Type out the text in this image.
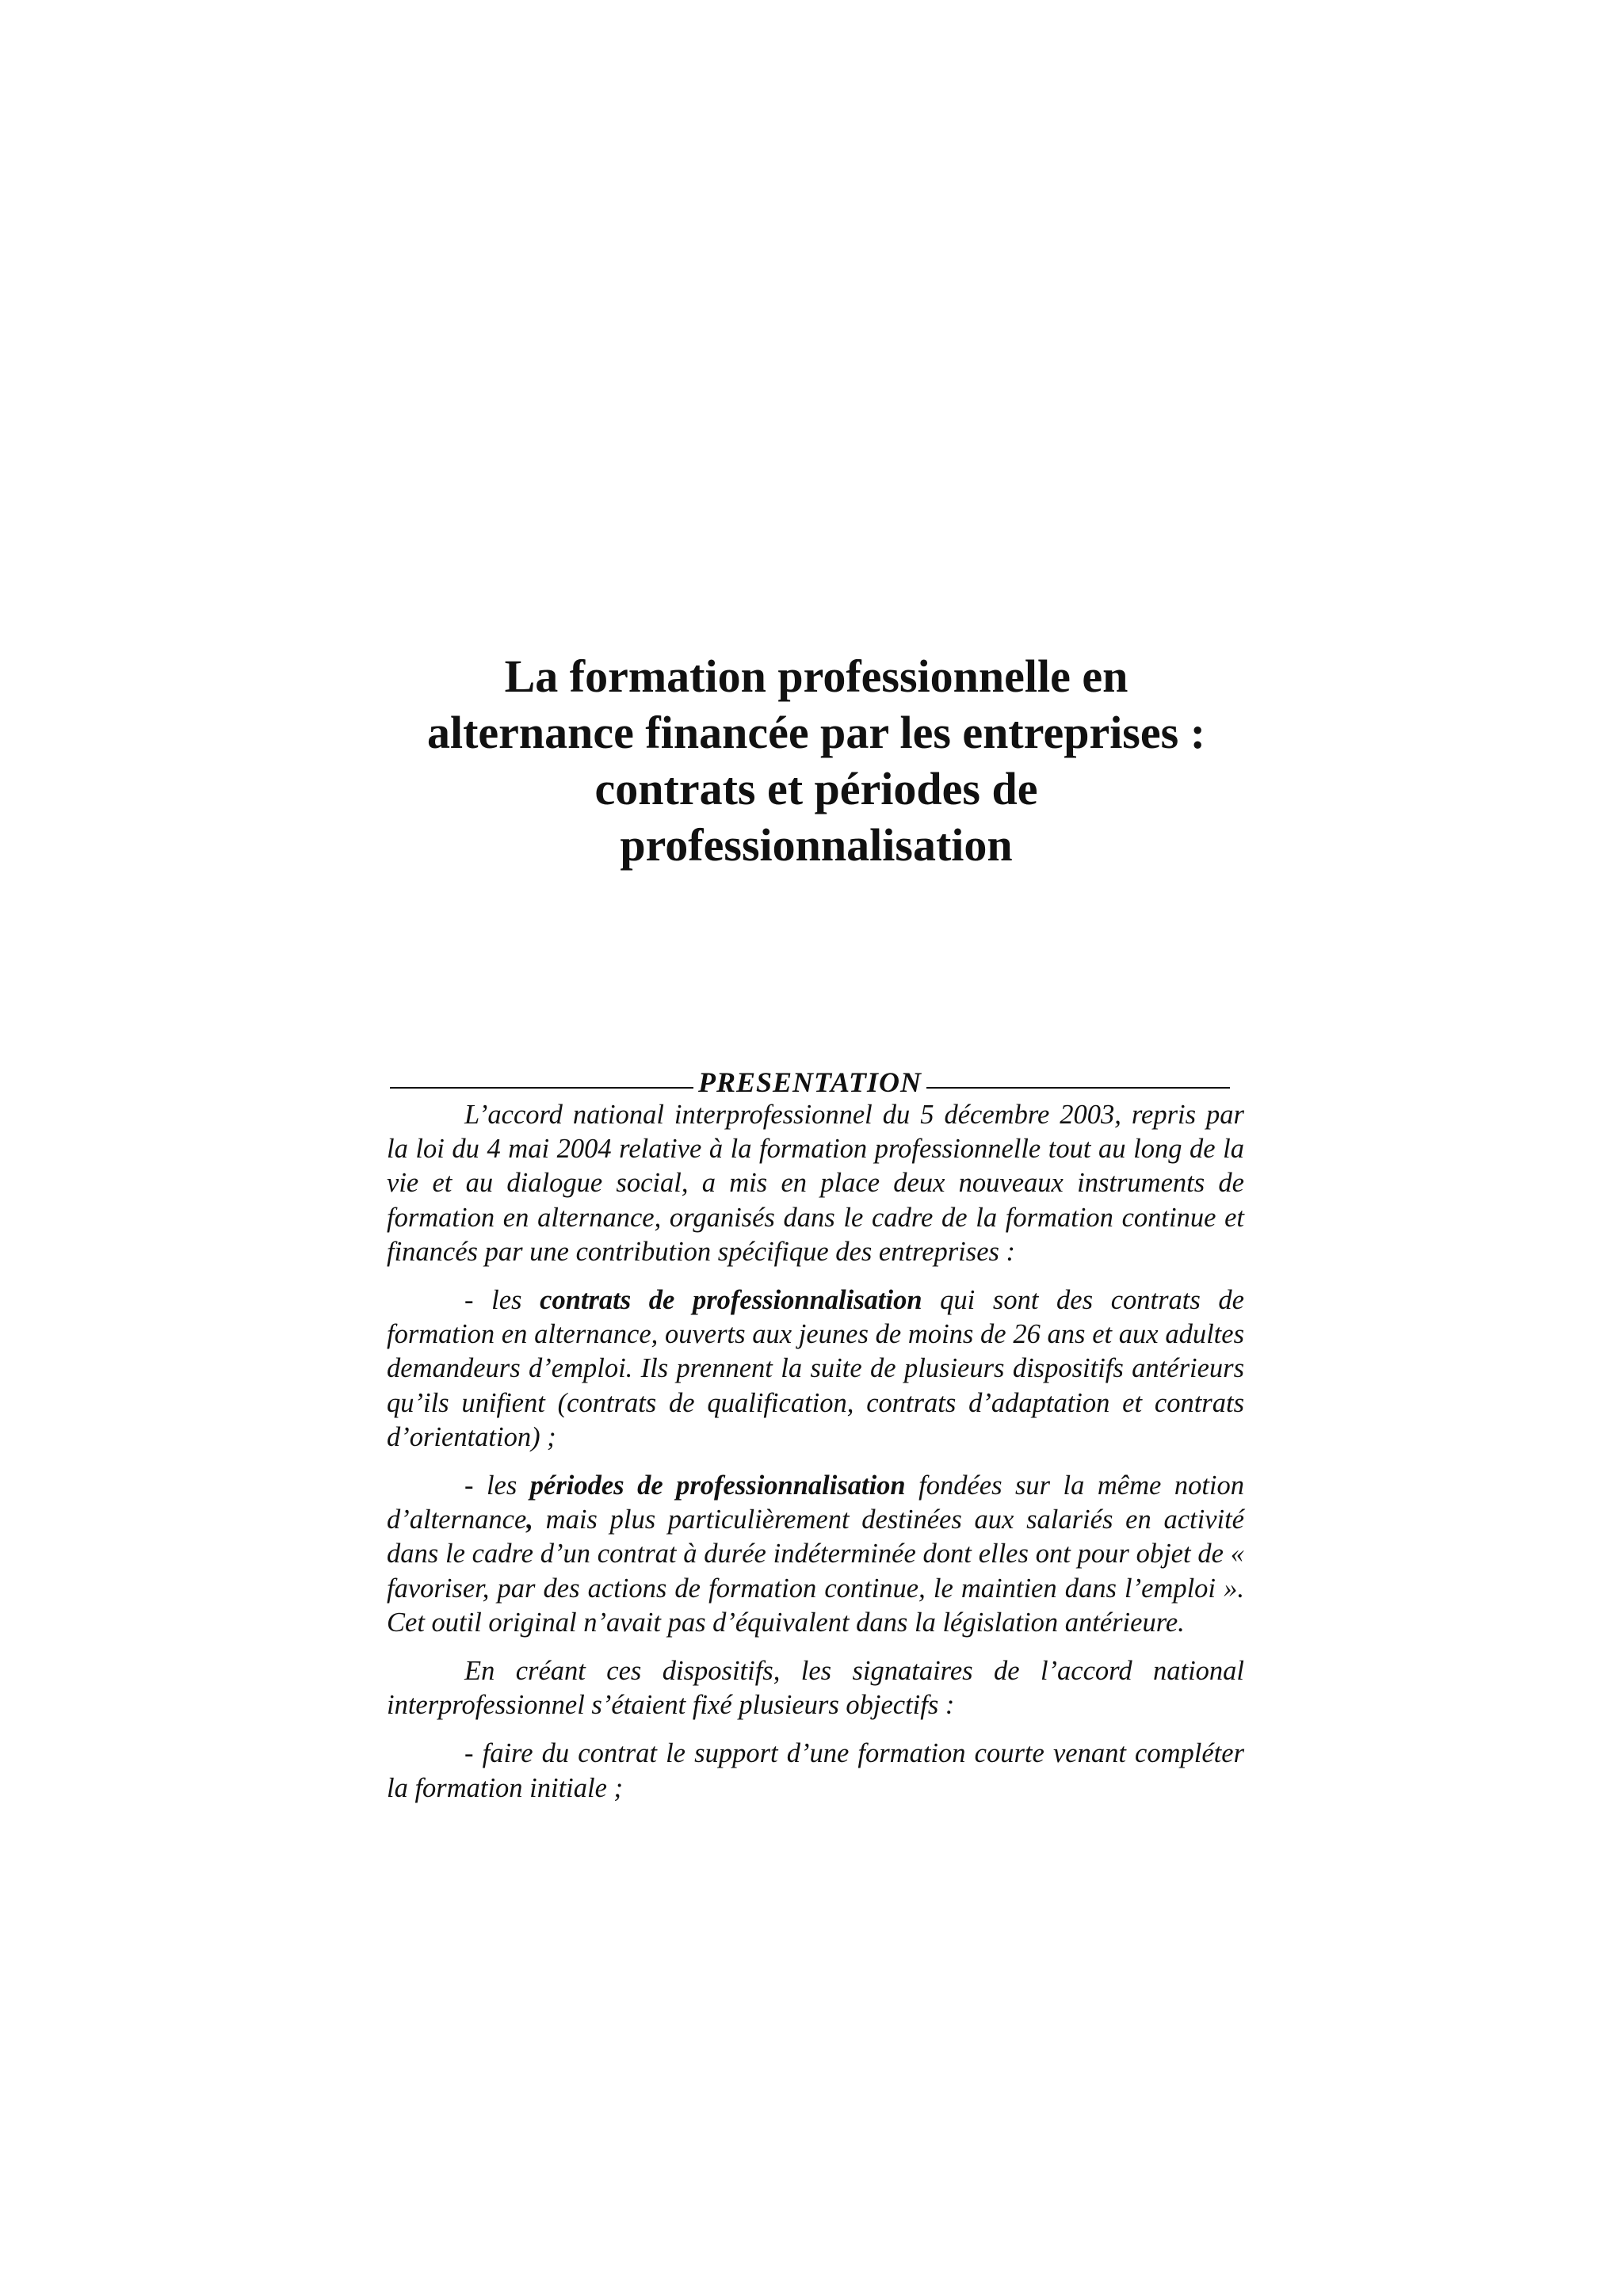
La formation professionnelle en
alternance financée par les entreprises :
contrats et périodes de
professionnalisation
PRESENTATION

L’accord national interprofessionnel du 5 décembre 2003, repris par la loi du 4 mai 2004 relative à la formation professionnelle tout au long de la vie et au dialogue social, a mis en place deux nouveaux instruments de formation en alternance, organisés dans le cadre de la formation continue et financés par une contribution spécifique des entreprises :

- les contrats de professionnalisation qui sont des contrats de formation en alternance, ouverts aux jeunes de moins de 26 ans et aux adultes demandeurs d’emploi. Ils prennent la suite de plusieurs dispositifs antérieurs qu’ils unifient (contrats de qualification, contrats d’adaptation et contrats d’orientation) ;

- les périodes de professionnalisation fondées sur la même notion d’alternance, mais plus particulièrement destinées aux salariés en activité dans le cadre d’un contrat à durée indéterminée dont elles ont pour objet de « favoriser, par des actions de formation continue, le maintien dans l’emploi ». Cet outil original n’avait pas d’équivalent dans la législation antérieure.

En créant ces dispositifs, les signataires de l’accord national interprofessionnel s’étaient fixé plusieurs objectifs :

- faire du contrat le support d’une formation courte venant compléter la formation initiale ;
